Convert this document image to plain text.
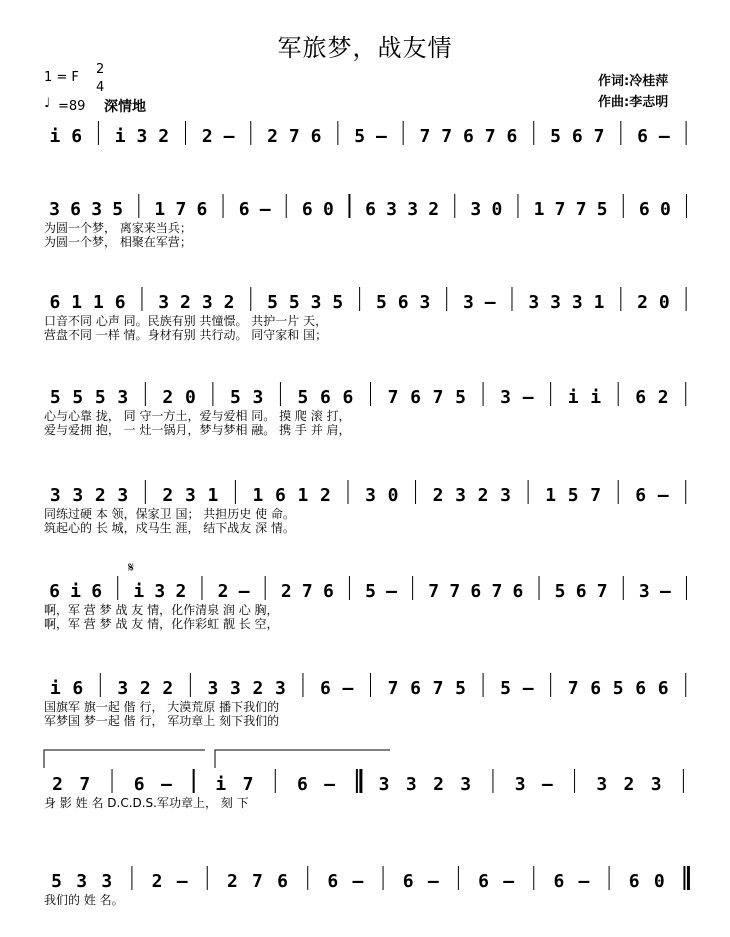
军旅梦，战友情
1 = F
2
4
♩ =89 深情地
作词:冷桂萍
作曲:李志明
i 6 i 3 2 2 – 2 7 6 5 – 7 7 6 7 6 5 6 7 6 –
3 6 3 5 1 7 6 6 – 6 0 6 3 3 2 3 0 1 7 7 5 6 0
为圆一个梦， 离家来当兵；
为圆一个梦， 相聚在军营；
6 1 1 6 3 2 3 2 5 5 3 5 5 6 3 3 – 3 3 3 1 2 0
口音不同 心声 同。民族有别 共憧憬。 共护一片 天，
营盘不同 一样 情。身材有别 共行动。 同守家和 国；
5 5 5 3 2 0 5 3 5 6 6 7 6 7 5 3 – i i 6 2
心与心靠 拢， 同 守一方土，爱与爱相 同。 摸 爬 滚 打，
爱与爱拥 抱， 一 灶一锅月，梦与梦相 融。 携 手 并 肩，
3 3 2 3 2 3 1 1 6 1 2 3 0 2 3 2 3 1 5 7 6 –
同练过硬 本 领，保家卫 国； 共担历史 使 命。
筑起心的 长 城，戍马生 涯， 结下战友 深 情。
6 i 6 i 3 2 2 – 2 7 6 5 – 7 7 6 7 6 5 6 7 3 –
啊，军 营 梦 战 友 情，化作清泉 润 心 胸，
啊，军 营 梦 战 友 情，化作彩虹 靓 长 空，
i 6 3 2 2 3 3 2 3 6 – 7 6 7 5 5 – 7 6 5 6 6
国旗军 旗一起 偕 行， 大漠荒原 播下我们的
军梦国 梦一起 偕 行， 军功章上 刻下我们的
2 7 6 – i 7 6 – 3 3 2 3 3 – 3 2 3
身 影 姓 名 D.C.D.S.军功章上， 刻 下
5 3 3 2 – 2 7 6 6 – 6 – 6 – 6 – 6 0
我们的 姓 名。
𝄋
